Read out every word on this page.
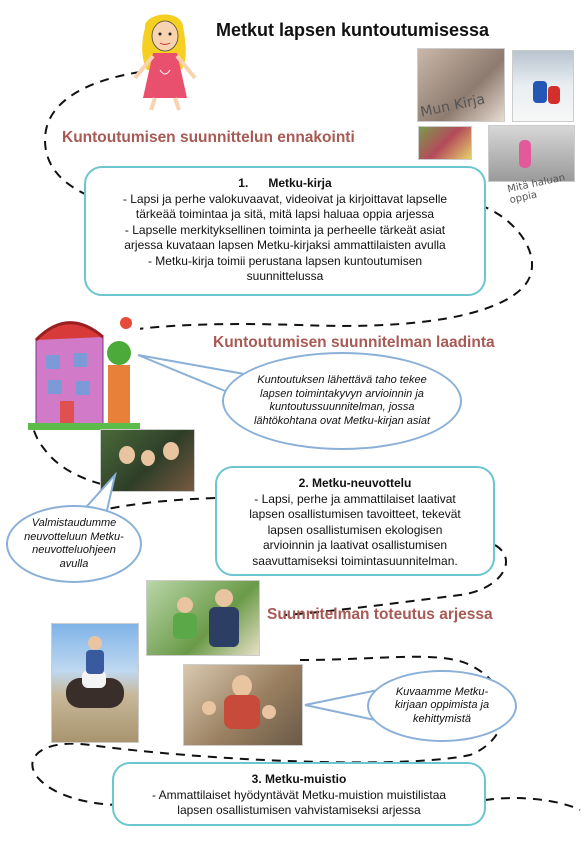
Metkut lapsen kuntoutumisessa
Mun Kirja
Mitä haluan oppia
Kuntoutumisen suunnittelun ennakointi
1. Metku-kirja
- Lapsi ja perhe valokuvaavat, videoivat ja kirjoittavat lapselle
tärkeää toimintaa ja sitä, mitä lapsi haluaa oppia arjessa
- Lapselle merkityksellinen toiminta ja perheelle tärkeät asiat
arjessa kuvataan lapsen Metku-kirjaksi ammattilaisten avulla
- Metku-kirja toimii perustana lapsen kuntoutumisen
suunnittelussa
Kuntoutumisen suunnitelman laadinta
Kuntoutuksen lähettävä taho tekee
lapsen toimintakyvyn arvioinnin ja
kuntoutussuunnitelman, jossa
lähtökohtana ovat Metku-kirjan asiat
Valmistaudumme
neuvotteluun Metku-
neuvotteluohjeen
avulla
2. Metku-neuvottelu
- Lapsi, perhe ja ammattilaiset laativat
lapsen osallistumisen tavoitteet, tekevät
lapsen osallistumisen ekologisen
arvioinnin ja laativat osallistumisen
saavuttamiseksi toimintasuunnitelman.
Suunnitelman toteutus arjessa
Kuvaamme Metku-
kirjaan oppimista ja
kehittymistä
3. Metku-muistio
- Ammattilaiset hyödyntävät Metku-muistion muistilistaa
lapsen osallistumisen vahvistamiseksi arjessa
